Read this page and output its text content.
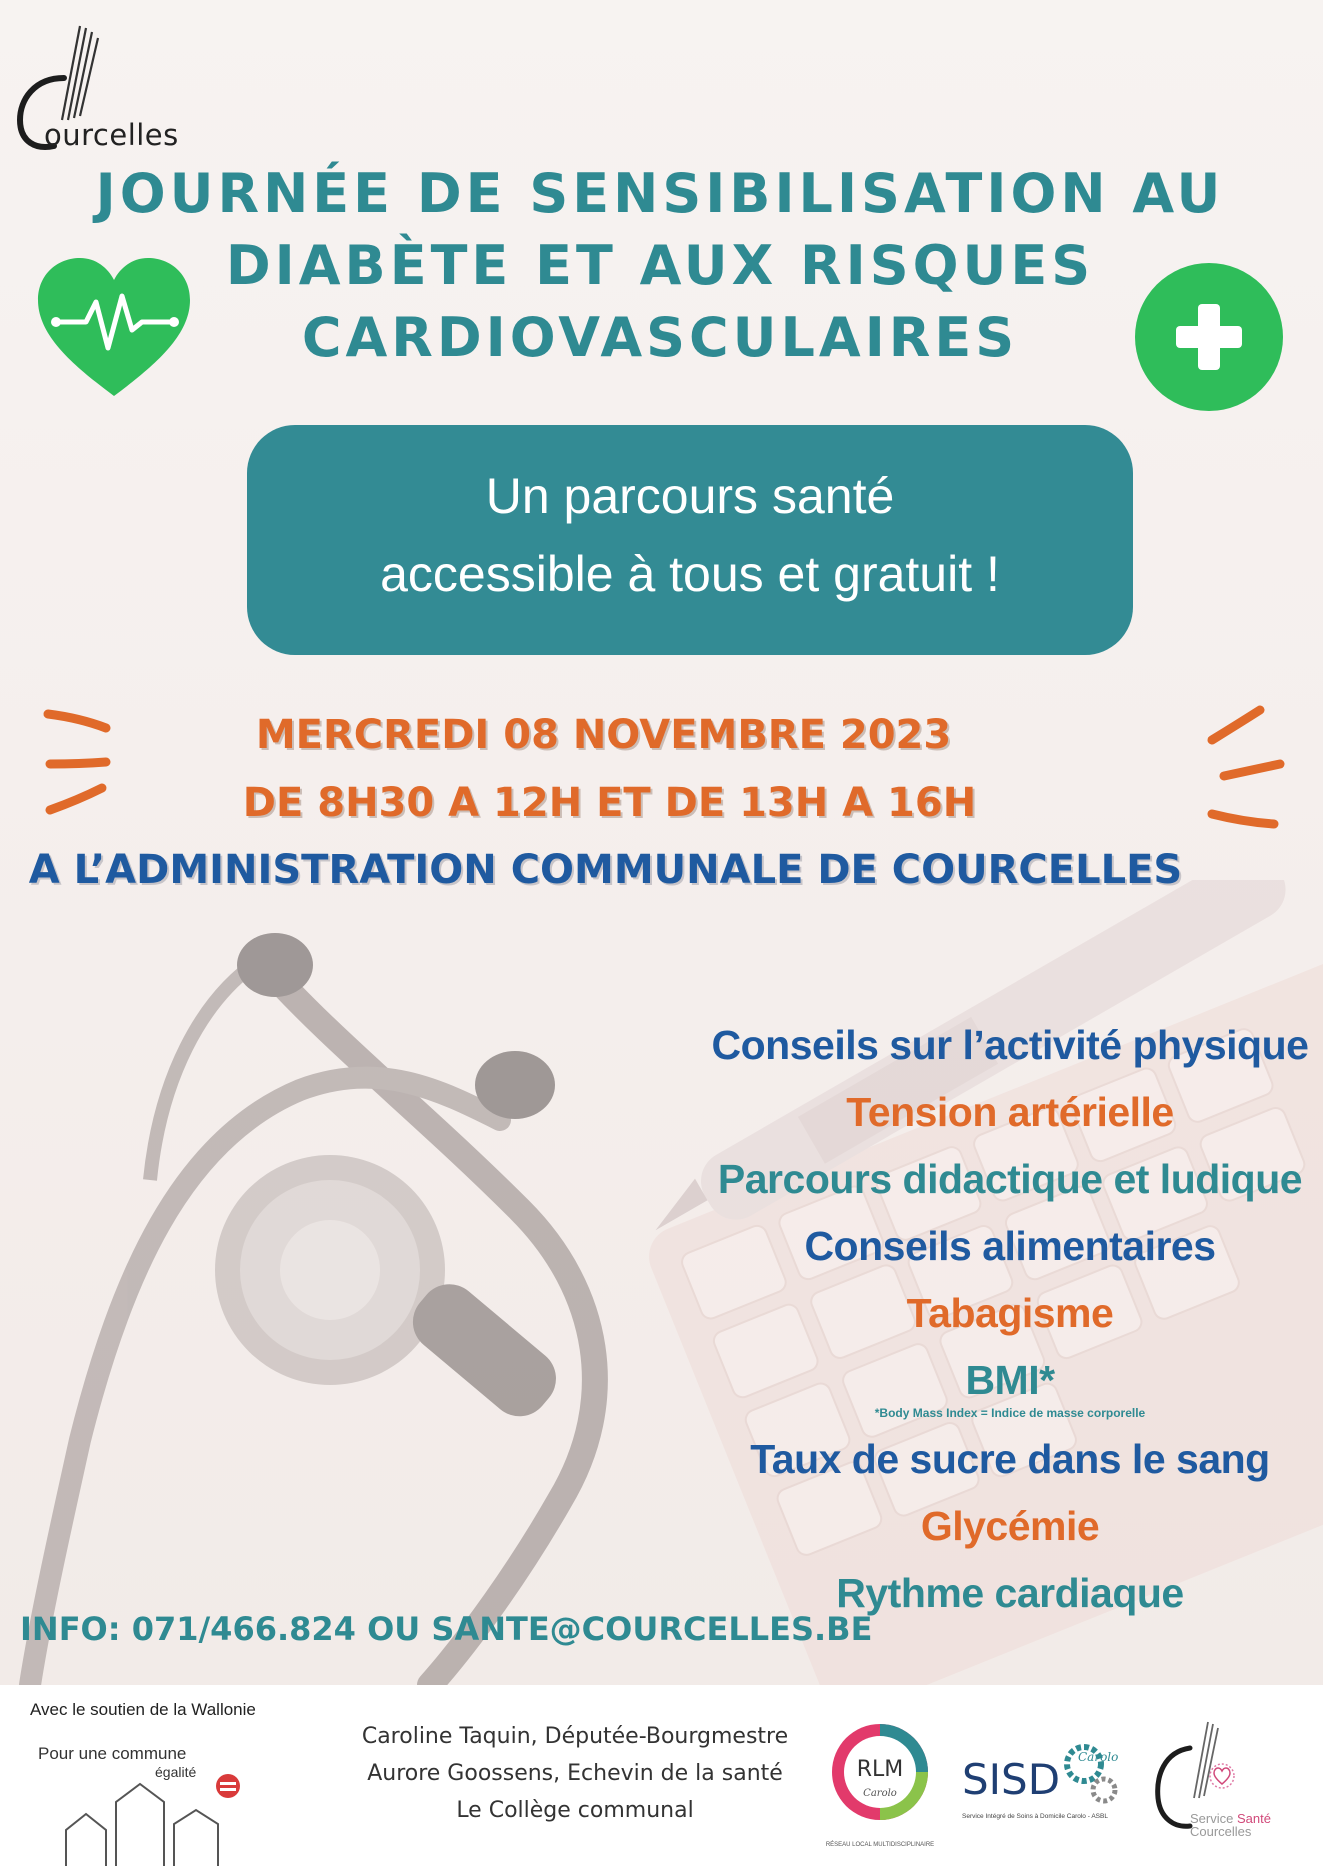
ourcelles
JOURNÉE DE SENSIBILISATION AU
DIABÈTE ET AUX RISQUES
CARDIOVASCULAIRES
Un parcours santé
accessible à tous et gratuit !
MERCREDI 08 NOVEMBRE 2023
DE 8H30 A 12H ET DE 13H A 16H
A L’ADMINISTRATION COMMUNALE DE COURCELLES
Conseils sur l’activité physique
Tension artérielle
Parcours didactique et ludique
Conseils alimentaires
Tabagisme
BMI*
*Body Mass Index = Indice de masse corporelle
Taux de sucre dans le sang
Glycémie
Rythme cardiaque
INFO: 071/466.824 OU SANTE@COURCELLES.BE
Avec le soutien de la Wallonie
Pour une commune
égalité
Caroline Taquin, Députée-Bourgmestre
Aurore Goossens, Echevin de la santé
Le Collège communal
RLM
Carolo
RÉSEAU LOCAL MULTIDISCIPLINAIRE
SISD Carolo
Service Intégré de Soins à Domicile Carolo - ASBL	Service Santé
Courcelles
